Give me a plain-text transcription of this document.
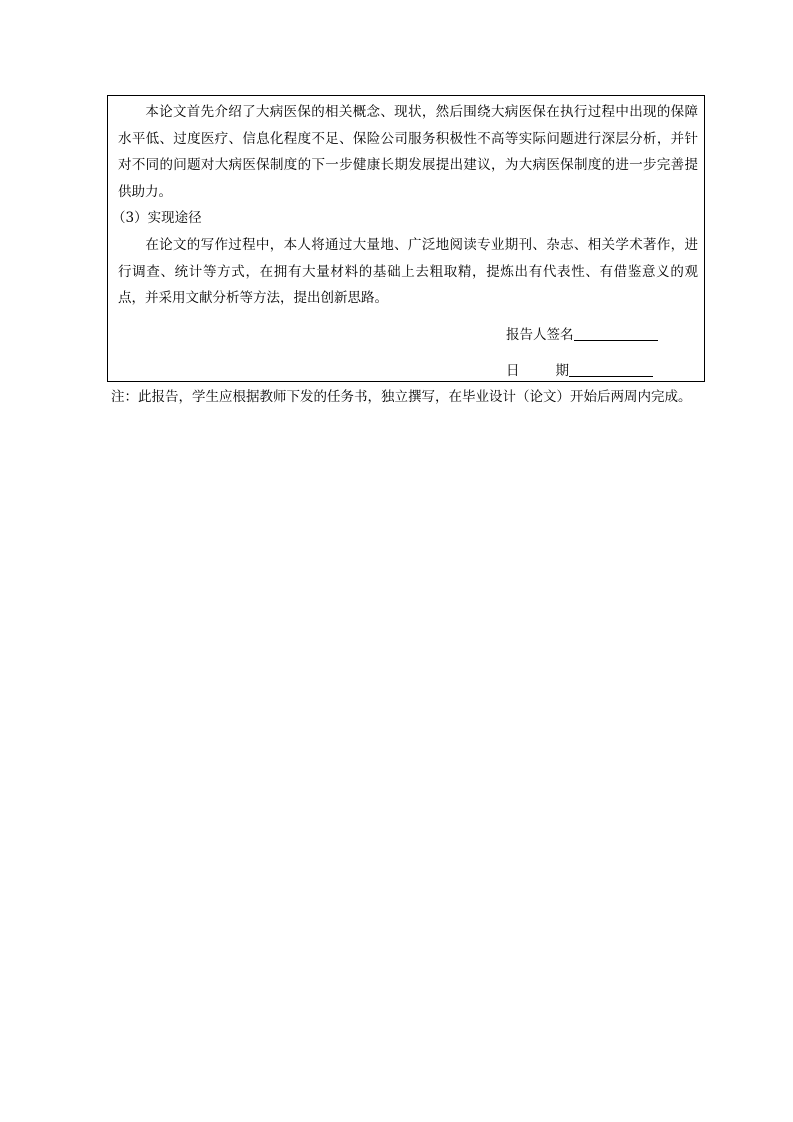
本论文首先介绍了大病医保的相关概念、现状，然后围绕大病医保在执行过程中出现的保障水平低、过度医疗、信息化程度不足、保险公司服务积极性不高等实际问题进行深层分析，并针对不同的问题对大病医保制度的下一步健康长期发展提出建议，为大病医保制度的进一步完善提供助力。

（3）实现途径

在论文的写作过程中，本人将通过大量地、广泛地阅读专业期刊、杂志、相关学术著作，进行调查、统计等方式，在拥有大量材料的基础上去粗取精，提炼出有代表性、有借鉴意义的观点，并采用文献分析等方法，提出创新思路。

报告人签名
日	期

注：此报告，学生应根据教师下发的任务书，独立撰写，在毕业设计（论文）开始后两周内完成。
